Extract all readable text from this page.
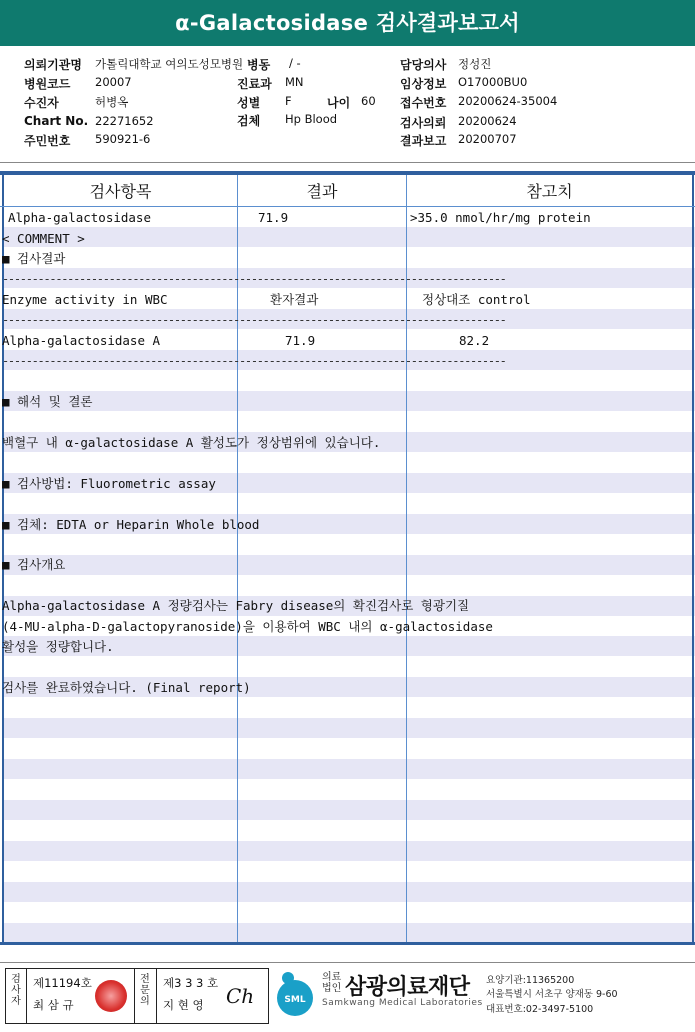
α-Galactosidase 검사결과보고서
의뢰기관명 가톨릭대학교 여의도성모병원 병동 / -	담당의사 정성진
병원코드 20007	진료과 MN	임상정보 O17000BU0
수진자	허병옥	성별 F	나이 60 접수번호 20200624-35004
Chart No. 22271652	검체 Hp Blood	검사의뢰 20200624
주민번호 590921-6	결과보고 20200707
검사항목	결과	참고치
Alpha-galactosidase	71.9	>35.0 nmol/hr/mg protein
< COMMENT >
■ 검사결과
-------------------------------------------------------------------------------------
Enzyme activity in WBC	환자결과	정상대조 control
-------------------------------------------------------------------------------------
Alpha-galactosidase A	71.9	82.2
-------------------------------------------------------------------------------------
■ 해석 및 결론
백혈구 내 α-galactosidase A 활성도가 정상범위에 있습니다.
■ 검사방법: Fluorometric assay
■ 검체: EDTA or Heparin Whole blood
■ 검사개요
Alpha-galactosidase A 정량검사는 Fabry disease의 확진검사로 형광기질
(4-MU-alpha-D-galactopyranoside)을 이용하여 WBC 내의 α-galactosidase
활성을 정량합니다.
검사를 완료하였습니다. (Final report)
검사자
제11194호
최 삼 규
전문의
제3 3 3 호
지 현 영 Ch	SML
의료
법인 삼광의료재단
Samkwang Medical Laboratories
요양기관:11365200
서울특별시 서초구 양재동 9-60
대표번호:02-3497-5100
